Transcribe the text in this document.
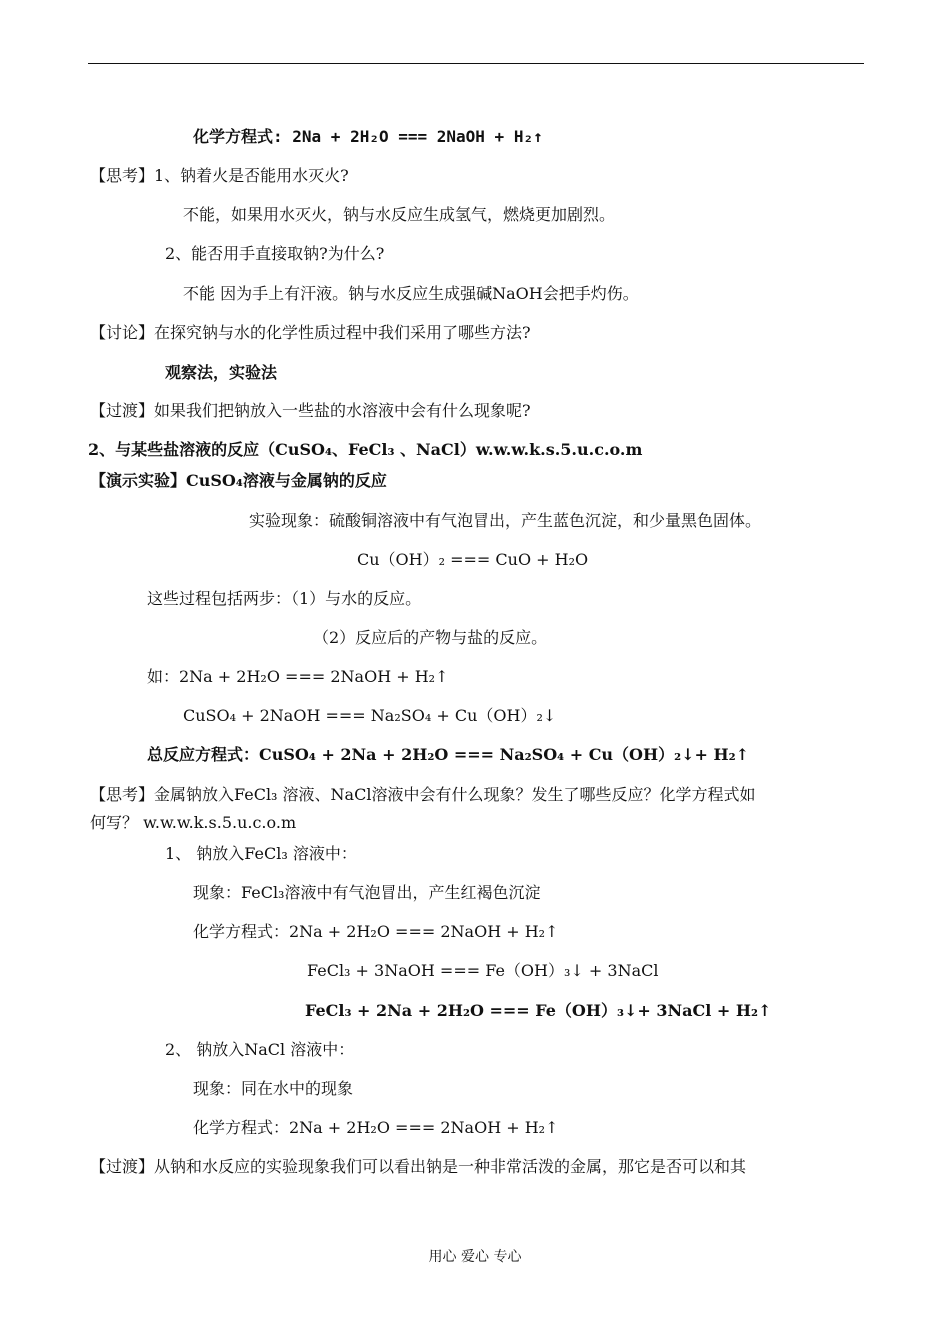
化学方程式: 2Na + 2H₂O === 2NaOH + H₂↑
【思考】1、钠着火是否能用水灭火?
不能，如果用水灭火，钠与水反应生成氢气，燃烧更加剧烈。
2、能否用手直接取钠?为什么?
不能 因为手上有汗液。钠与水反应生成强碱NaOH会把手灼伤。
【讨论】在探究钠与水的化学性质过程中我们采用了哪些方法?
观察法，实验法
【过渡】如果我们把钠放入一些盐的水溶液中会有什么现象呢?
2、与某些盐溶液的反应（CuSO₄、FeCl₃ 、NaCl）w.w.w.k.s.5.u.c.o.m
【演示实验】CuSO₄溶液与金属钠的反应
实验现象：硫酸铜溶液中有气泡冒出，产生蓝色沉淀，和少量黑色固体。
Cu（OH）₂ === CuO + H₂O
这些过程包括两步：（1）与水的反应。
（2）反应后的产物与盐的反应。
如：2Na + 2H₂O === 2NaOH + H₂↑
CuSO₄ + 2NaOH === Na₂SO₄ + Cu（OH）₂↓
总反应方程式：CuSO₄ + 2Na + 2H₂O === Na₂SO₄ + Cu（OH）₂↓+ H₂↑
【思考】金属钠放入FeCl₃ 溶液、NaCl溶液中会有什么现象？发生了哪些反应？化学方程式如
何写？ w.w.w.k.s.5.u.c.o.m
1、 钠放入FeCl₃ 溶液中：
现象：FeCl₃溶液中有气泡冒出，产生红褐色沉淀
化学方程式：2Na + 2H₂O === 2NaOH + H₂↑
FeCl₃ + 3NaOH === Fe（OH）₃↓ + 3NaCl
FeCl₃ + 2Na + 2H₂O === Fe（OH）₃↓+ 3NaCl + H₂↑
2、 钠放入NaCl 溶液中：
现象：同在水中的现象
化学方程式：2Na + 2H₂O === 2NaOH + H₂↑
【过渡】从钠和水反应的实验现象我们可以看出钠是一种非常活泼的金属，那它是否可以和其
用心 爱心 专心
